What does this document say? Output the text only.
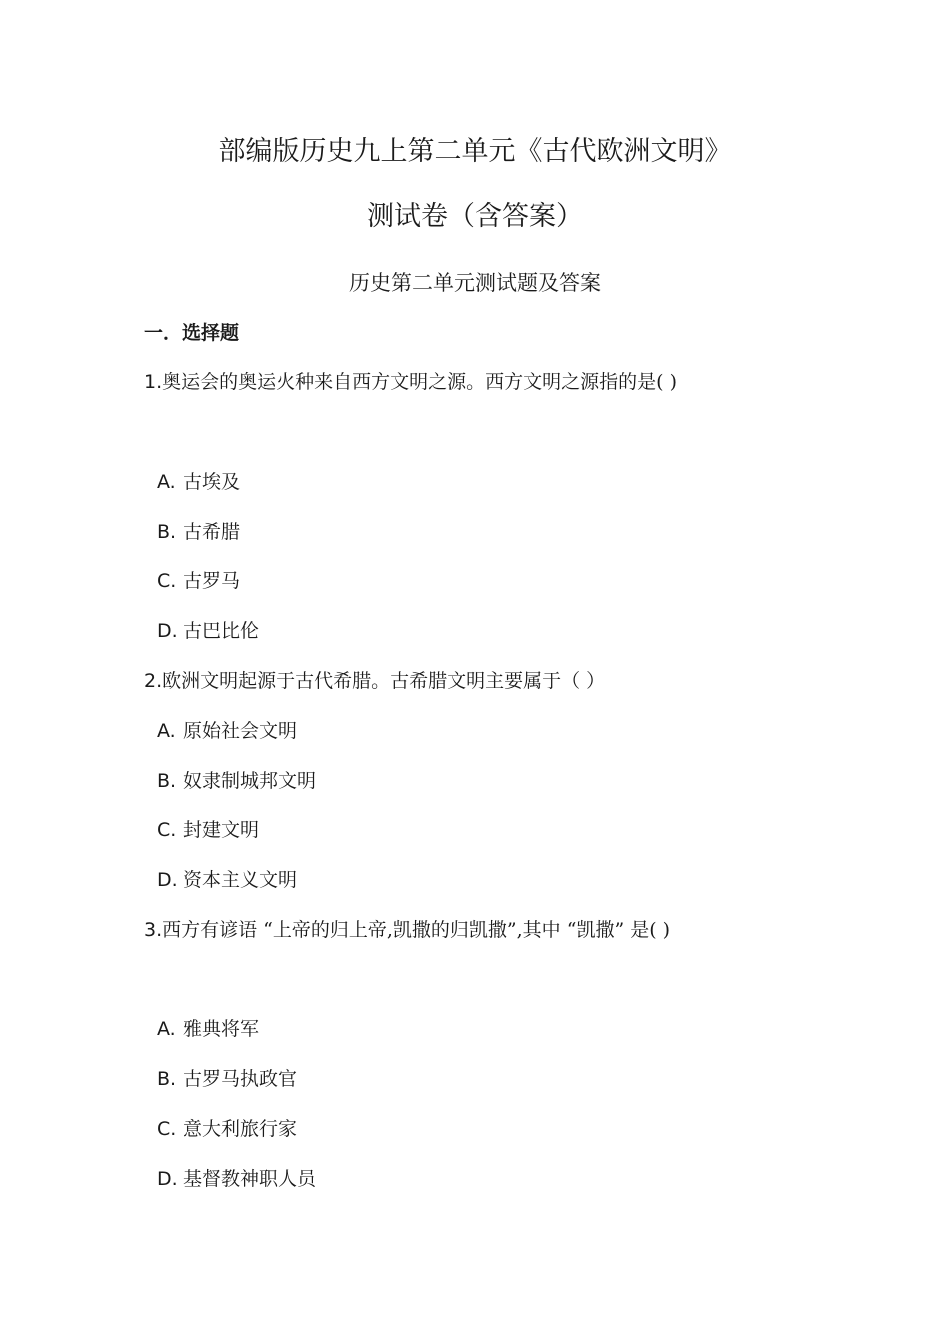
部编版历史九上第二单元《古代欧洲文明》
测试卷（含答案）
历史第二单元测试题及答案
一．选择题
1.奥运会的奥运火种来自西方文明之源。西方文明之源指的是( )
A. 古埃及
B. 古希腊
C. 古罗马
D. 古巴比伦
2.欧洲文明起源于古代希腊。古希腊文明主要属于（ ）
A. 原始社会文明
B. 奴隶制城邦文明
C. 封建文明
D. 资本主义文明
3.西方有谚语 “上帝的归上帝,凯撒的归凯撒”,其中 “凯撒” 是( )
A. 雅典将军
B. 古罗马执政官
C. 意大利旅行家
D. 基督教神职人员
